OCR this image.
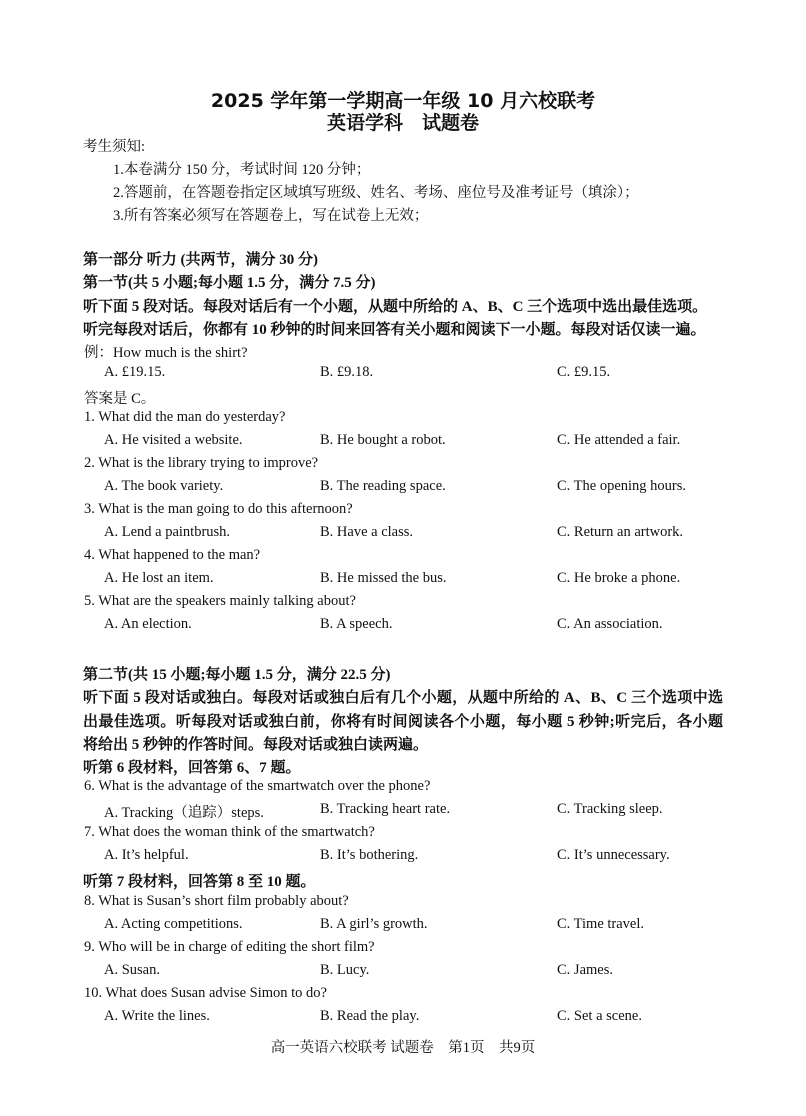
2025 学年第一学期高一年级 10 月六校联考
英语学科　试题卷
考生须知:
1.本卷满分 150 分，考试时间 120 分钟；
2.答题前，在答题卷指定区域填写班级、姓名、考场、座位号及准考证号（填涂）；
3.所有答案必须写在答题卷上，写在试卷上无效；
第一部分 听力 (共两节，满分 30 分)
第一节(共 5 小题;每小题 1.5 分，满分 7.5 分)
听下面 5 段对话。每段对话后有一个小题，从题中所给的 A、B、C 三个选项中选出最佳选项。
听完每段对话后，你都有 10 秒钟的时间来回答有关小题和阅读下一小题。每段对话仅读一遍。
例：How much is the shirt?
A. £19.15.	B. £9.18.	C. £9.15.
答案是 C。
1. What did the man do yesterday?
A. He visited a website.	B. He bought a robot.	C. He attended a fair.
2. What is the library trying to improve?
A. The book variety.	B. The reading space.	C. The opening hours.
3. What is the man going to do this afternoon?
A. Lend a paintbrush.	B. Have a class.	C. Return an artwork.
4. What happened to the man?
A. He lost an item.	B. He missed the bus.	C. He broke a phone.
5. What are the speakers mainly talking about?
A. An election.	B. A speech.	C. An association.
第二节(共 15 小题;每小题 1.5 分，满分 22.5 分)
听下面 5 段对话或独白。每段对话或独白后有几个小题，从题中所给的 A、B、C 三个选项中选
出最佳选项。听每段对话或独白前，你将有时间阅读各个小题，每小题 5 秒钟;听完后，各小题
将给出 5 秒钟的作答时间。每段对话或独白读两遍。
听第 6 段材料，回答第 6、7 题。
6. What is the advantage of the smartwatch over the phone?
A. Tracking（追踪）steps.	B. Tracking heart rate.	C. Tracking sleep.
7. What does the woman think of the smartwatch?
A. It’s helpful.	B. It’s bothering.	C. It’s unnecessary.
听第 7 段材料，回答第 8 至 10 题。
8. What is Susan’s short film probably about?
A. Acting competitions.	B. A girl’s growth.	C. Time travel.
9. Who will be in charge of editing the short film?
A. Susan.	B. Lucy.	C. James.
10. What does Susan advise Simon to do?
A. Write the lines.	B. Read the play.	C. Set a scene.
高一英语六校联考 试题卷　第1页　共9页
